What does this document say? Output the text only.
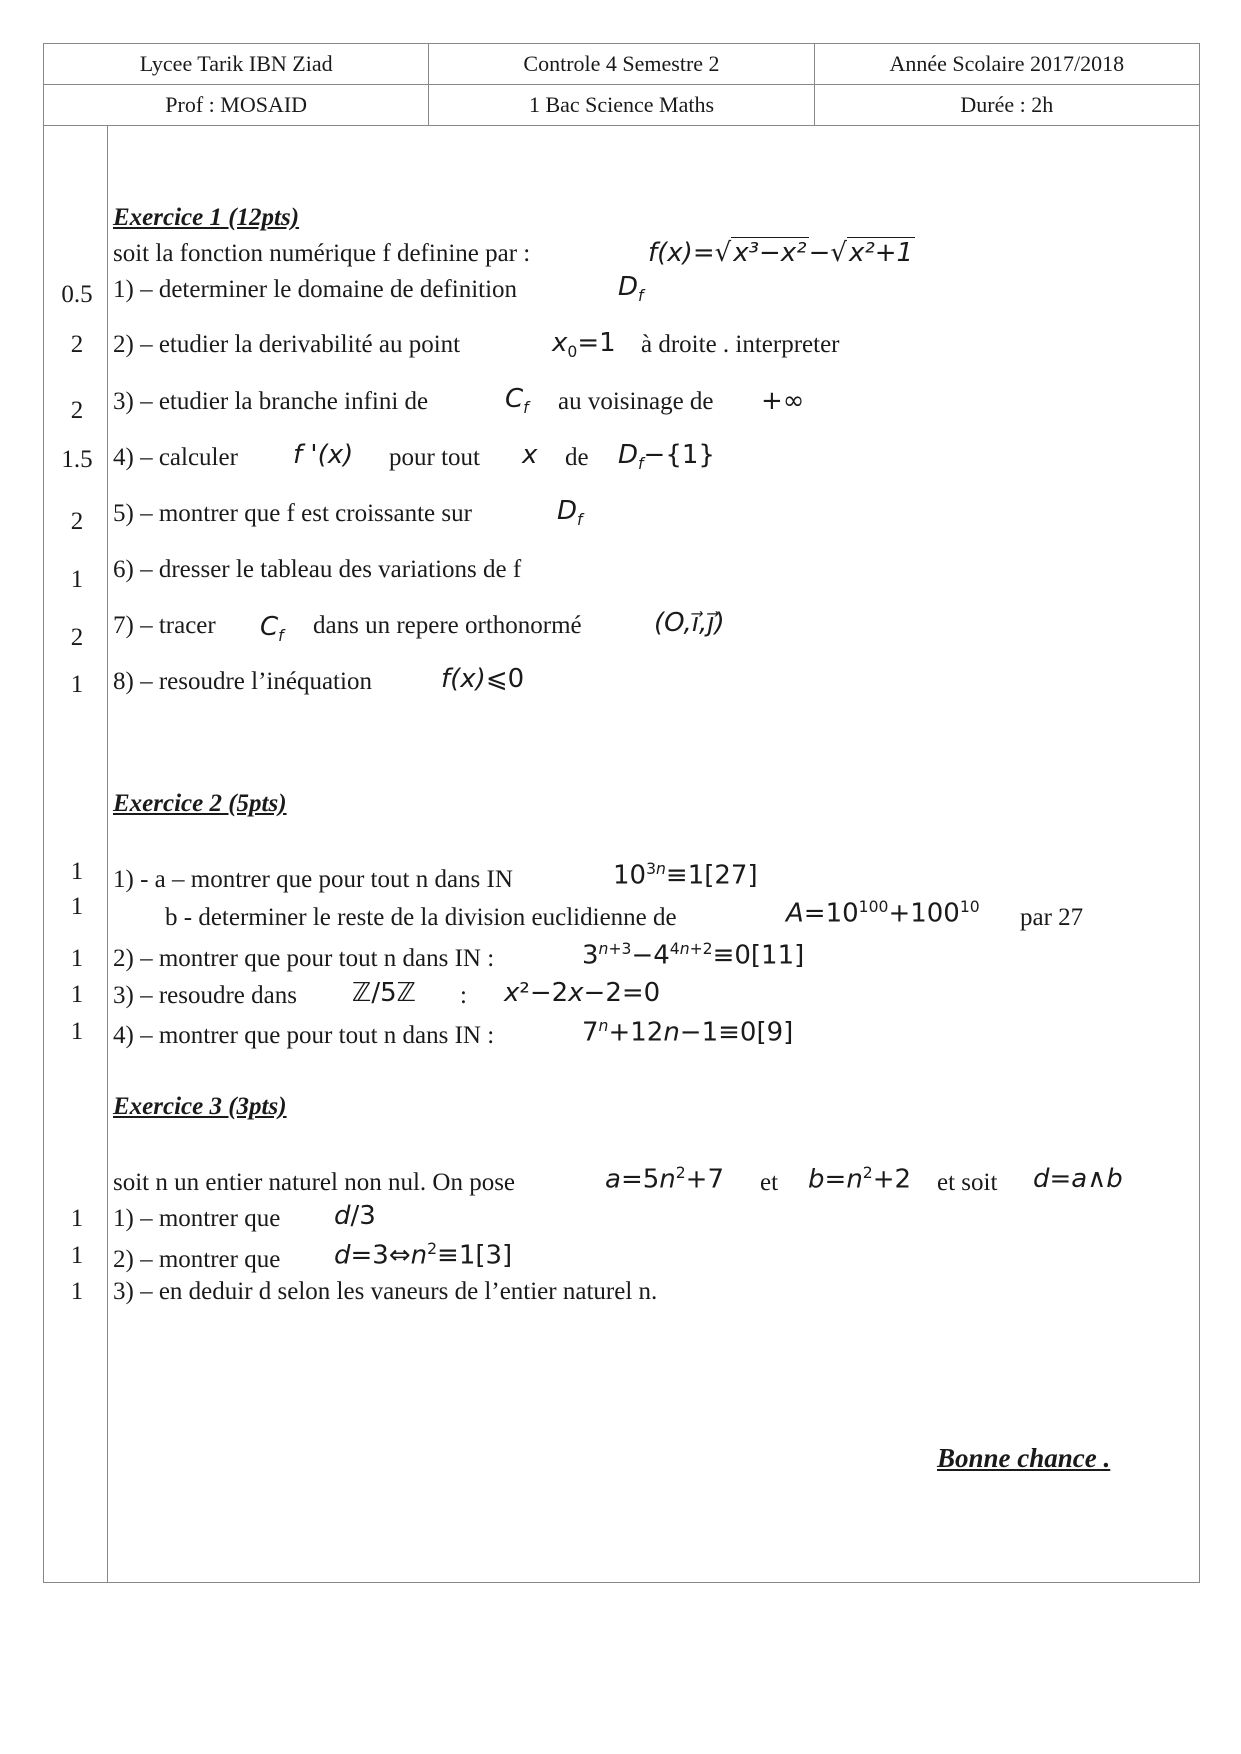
Lycee Tarik IBN Ziad	Controle 4 Semestre 2	Année Scolaire 2017/2018
Prof : MOSAID	1 Bac Science Maths	Durée : 2h
Exercice 1 (12pts)
soit la fonction numérique f definine par :	f(x)=√x³−x²−√x²+1
0.5 1) – determiner le domaine de definition	$D_f$
2	2) – etudier la derivabilité au point	$x_0=1$ à droite . interpreter
2	3) – etudier la branche infini de	$C_f$ au voisinage de +∞
1.5 4) – calculer f '(x) pour tout x de $D_f-\{1\}$
2	5) – montrer que f est croissante sur	$D_f$
1	6) – dresser le tableau des variations de f
2	7) – tracer $C_f$ dans un repere orthonormé	(O,i⃗,j⃗)
1	8) – resoudre l’inéquation	f(x)⩽0
Exercice 2 (5pts)
1	1) - a – montrer que pour tout n dans IN	$10^{3n}\equiv 1[27]$
1	b - determiner le reste de la division euclidienne de	$A=10^{100}+100^{10}$ par 27
1	2) – montrer que pour tout n dans IN :	$3^{n+3}-4^{4n+2}\equiv 0[11]$
1	3) – resoudre dans ℤ/5ℤ : x²−2x−2=0
1	4) – montrer que pour tout n dans IN :	$7^n+12n-1\equiv 0[9]$
Exercice 3 (3pts)
soit n un entier naturel non nul. On pose	$a=5n^2+7$ et $b=n^2+2$ et soit d=a∧b
1	1) – montrer que d/3
1	2) – montrer que $d=3\Leftrightarrow n^2\equiv 1[3]$
1	3) – en deduir d selon les vaneurs de l’entier naturel n.
Bonne chance .
